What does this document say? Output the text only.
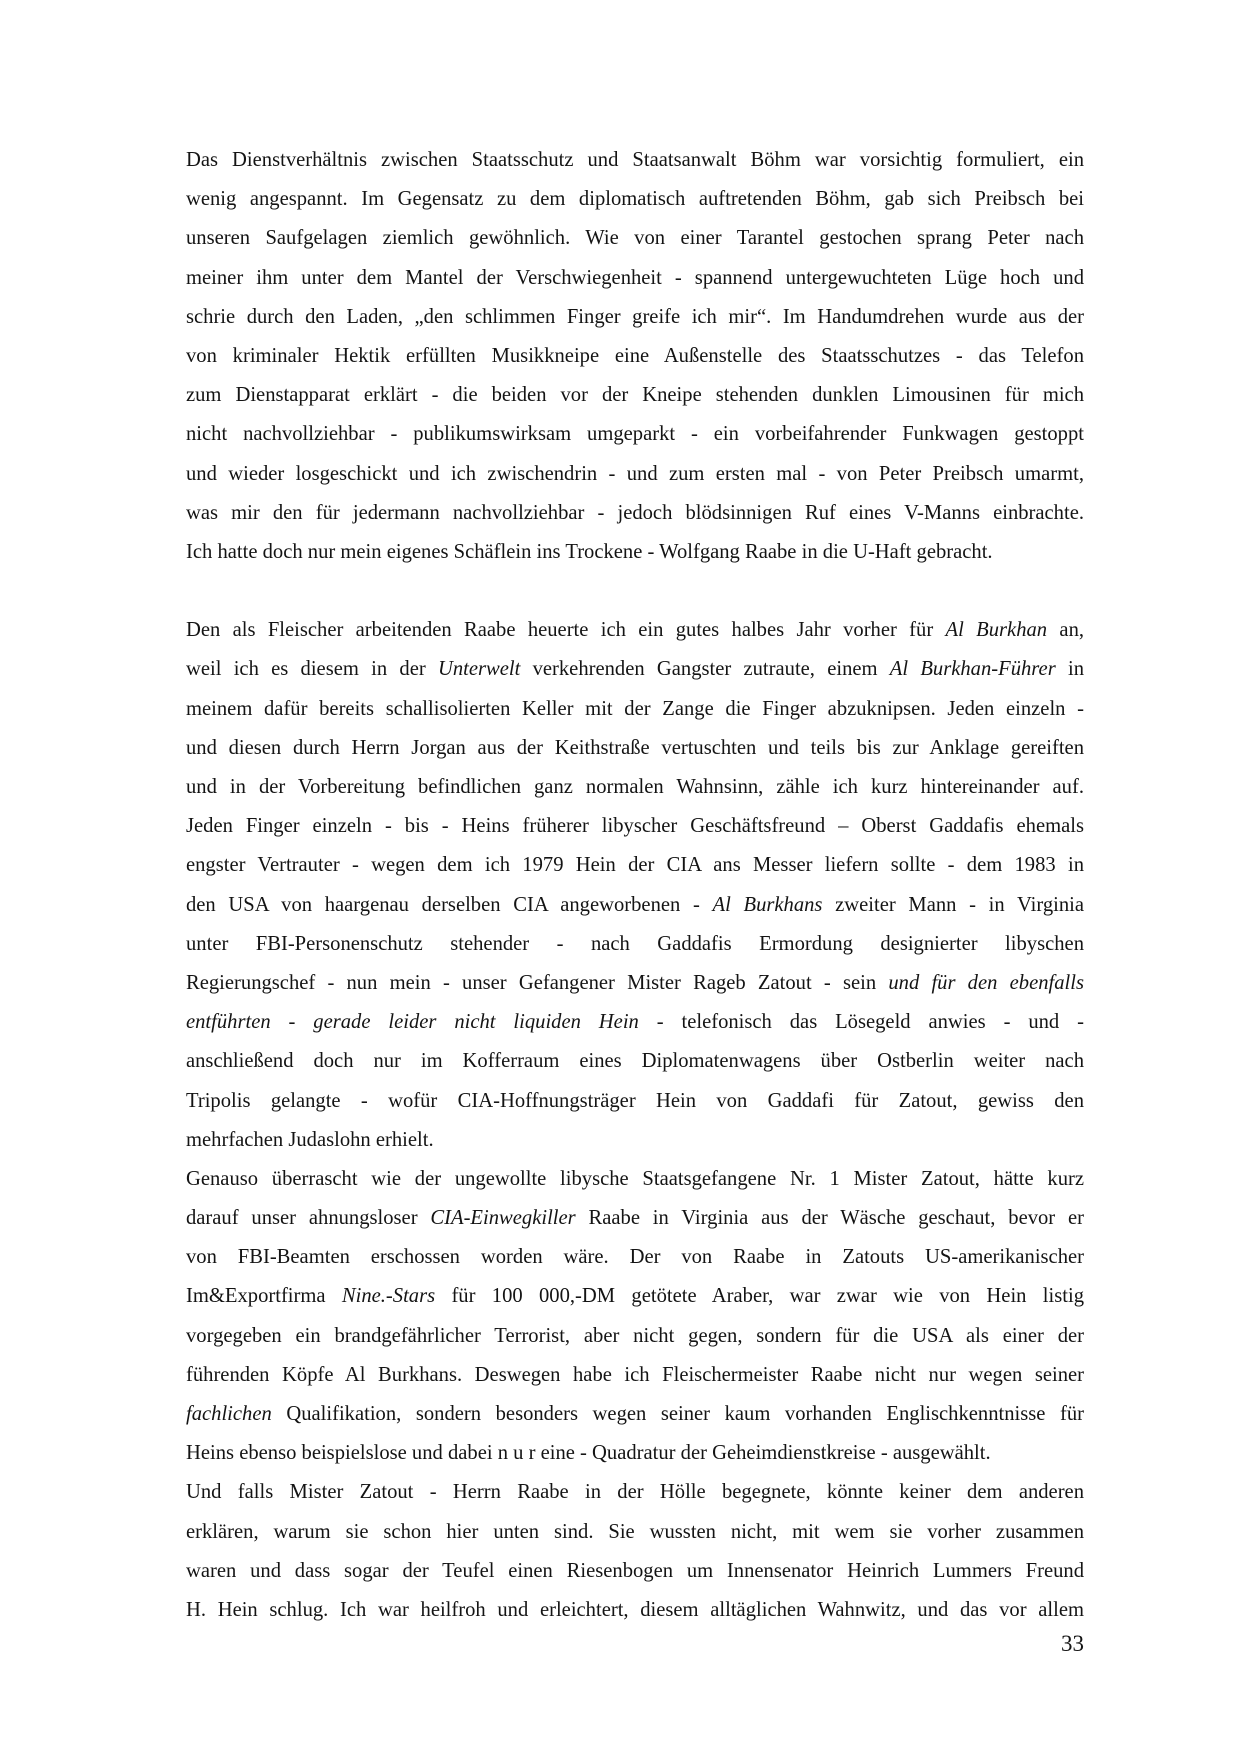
Das Dienstverhältnis zwischen Staatsschutz und Staatsanwalt Böhm war vorsichtig formuliert, ein
wenig angespannt. Im Gegensatz zu dem diplomatisch auftretenden Böhm, gab sich Preibsch bei
unseren Saufgelagen ziemlich gewöhnlich. Wie von einer Tarantel gestochen sprang Peter nach
meiner ihm unter dem Mantel der Verschwiegenheit - spannend untergewuchteten Lüge hoch und
schrie durch den Laden, „den schlimmen Finger greife ich mir“. Im Handumdrehen wurde aus der
von kriminaler Hektik erfüllten Musikkneipe eine Außenstelle des Staatsschutzes - das Telefon
zum Dienstapparat erklärt - die beiden vor der Kneipe stehenden dunklen Limousinen für mich
nicht nachvollziehbar - publikumswirksam umgeparkt - ein vorbeifahrender Funkwagen gestoppt
und wieder losgeschickt und ich zwischendrin - und zum ersten mal - von Peter Preibsch umarmt,
was mir den für jedermann nachvollziehbar - jedoch blödsinnigen Ruf eines V-Manns einbrachte.
Ich hatte doch nur mein eigenes Schäflein ins Trockene - Wolfgang Raabe in die U-Haft gebracht.
Den als Fleischer arbeitenden Raabe heuerte ich ein gutes halbes Jahr vorher für Al Burkhan an,
weil ich es diesem in der Unterwelt verkehrenden Gangster zutraute, einem Al Burkhan-Führer in
meinem dafür bereits schallisolierten Keller mit der Zange die Finger abzuknipsen. Jeden einzeln -
und diesen durch Herrn Jorgan aus der Keithstraße vertuschten und teils bis zur Anklage gereiften
und in der Vorbereitung befindlichen ganz normalen Wahnsinn, zähle ich kurz hintereinander auf.
Jeden Finger einzeln - bis - Heins früherer libyscher Geschäftsfreund – Oberst Gaddafis ehemals
engster Vertrauter - wegen dem ich 1979 Hein der CIA ans Messer liefern sollte - dem 1983 in
den USA von haargenau derselben CIA angeworbenen - Al Burkhans zweiter Mann - in Virginia
unter FBI-Personenschutz stehender - nach Gaddafis Ermordung designierter libyschen
Regierungschef - nun mein - unser Gefangener Mister Rageb Zatout - sein und für den ebenfalls
entführten - gerade leider nicht liquiden Hein - telefonisch das Lösegeld anwies - und -
anschließend doch nur im Kofferraum eines Diplomatenwagens über Ostberlin weiter nach
Tripolis gelangte - wofür CIA-Hoffnungsträger Hein von Gaddafi für Zatout, gewiss den
mehrfachen Judaslohn erhielt.
Genauso überrascht wie der ungewollte libysche Staatsgefangene Nr. 1 Mister Zatout, hätte kurz
darauf unser ahnungsloser CIA-Einwegkiller Raabe in Virginia aus der Wäsche geschaut, bevor er
von FBI-Beamten erschossen worden wäre. Der von Raabe in Zatouts US-amerikanischer
Im&Exportfirma Nine.-Stars für 100 000,-DM getötete Araber, war zwar wie von Hein listig
vorgegeben ein brandgefährlicher Terrorist, aber nicht gegen, sondern für die USA als einer der
führenden Köpfe Al Burkhans. Deswegen habe ich Fleischermeister Raabe nicht nur wegen seiner
fachlichen Qualifikation, sondern besonders wegen seiner kaum vorhanden Englischkenntnisse für
Heins ebenso beispielslose und dabei n u r eine - Quadratur der Geheimdienstkreise - ausgewählt.
Und falls Mister Zatout - Herrn Raabe in der Hölle begegnete, könnte keiner dem anderen
erklären, warum sie schon hier unten sind. Sie wussten nicht, mit wem sie vorher zusammen
waren und dass sogar der Teufel einen Riesenbogen um Innensenator Heinrich Lummers Freund
H. Hein schlug. Ich war heilfroh und erleichtert, diesem alltäglichen Wahnwitz, und das vor allem
33
